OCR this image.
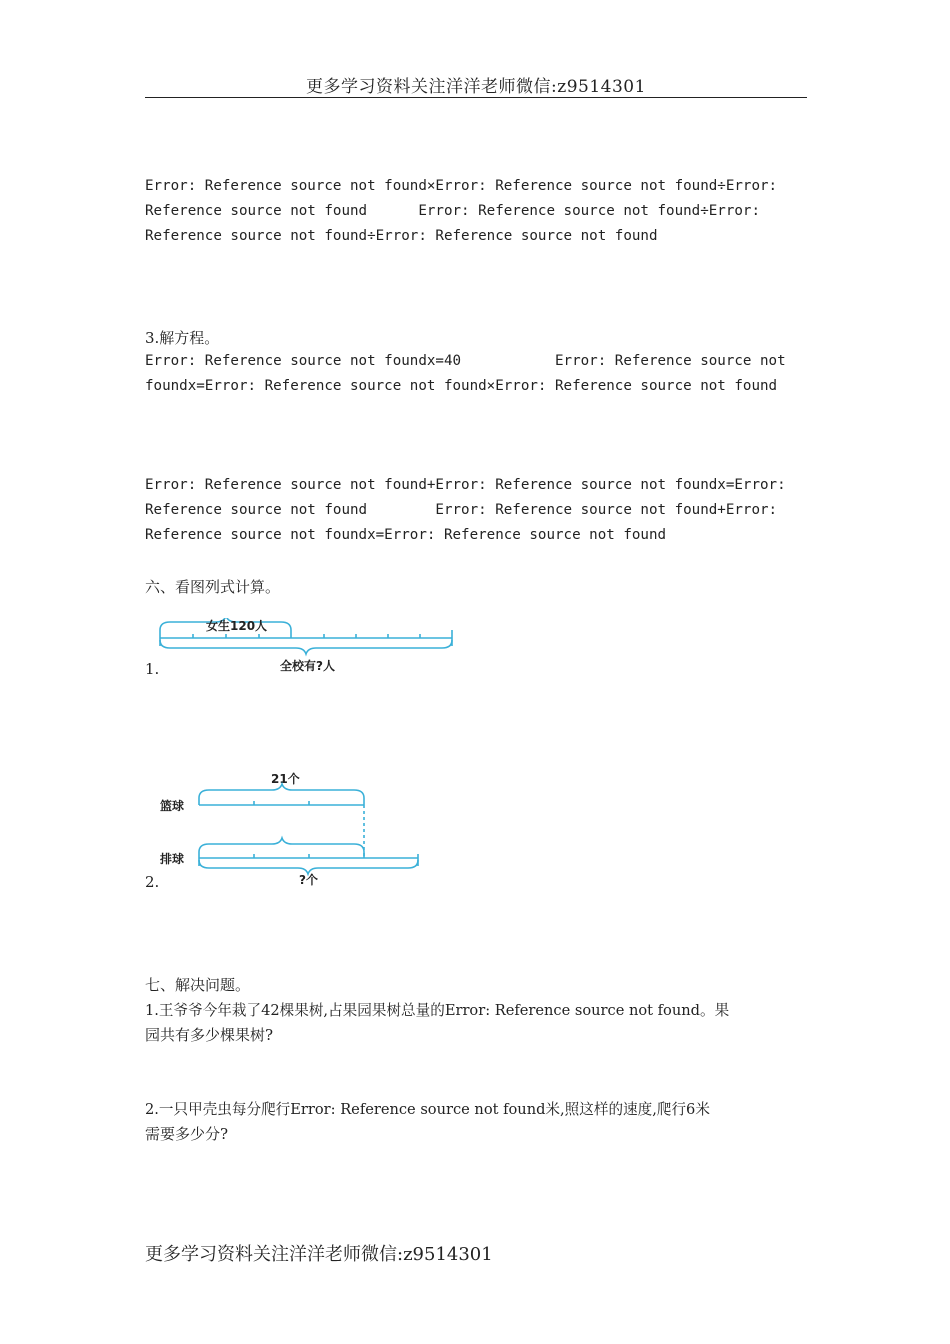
更多学习资料关注洋洋老师微信:z9514301
Error: Reference source not found×Error: Reference source not found÷Error:
Reference source not found      Error: Reference source not found÷Error:
Reference source not found÷Error: Reference source not found
3.解方程。
Error: Reference source not foundx=40           Error: Reference source not
foundx=Error: Reference source not found×Error: Reference source not found
Error: Reference source not found+Error: Reference source not foundx=Error:
Reference source not found        Error: Reference source not found+Error:
Reference source not foundx=Error: Reference source not found
六、看图列式计算。
1.
女生120人
全校有?人
2.
21个
篮球
排球
?个
七、解决问题。
1.王爷爷今年栽了42棵果树,占果园果树总量的Error: Reference source not found。果
园共有多少棵果树?
2.一只甲壳虫每分爬行Error: Reference source not found米,照这样的速度,爬行6米
需要多少分?
更多学习资料关注洋洋老师微信:z9514301
